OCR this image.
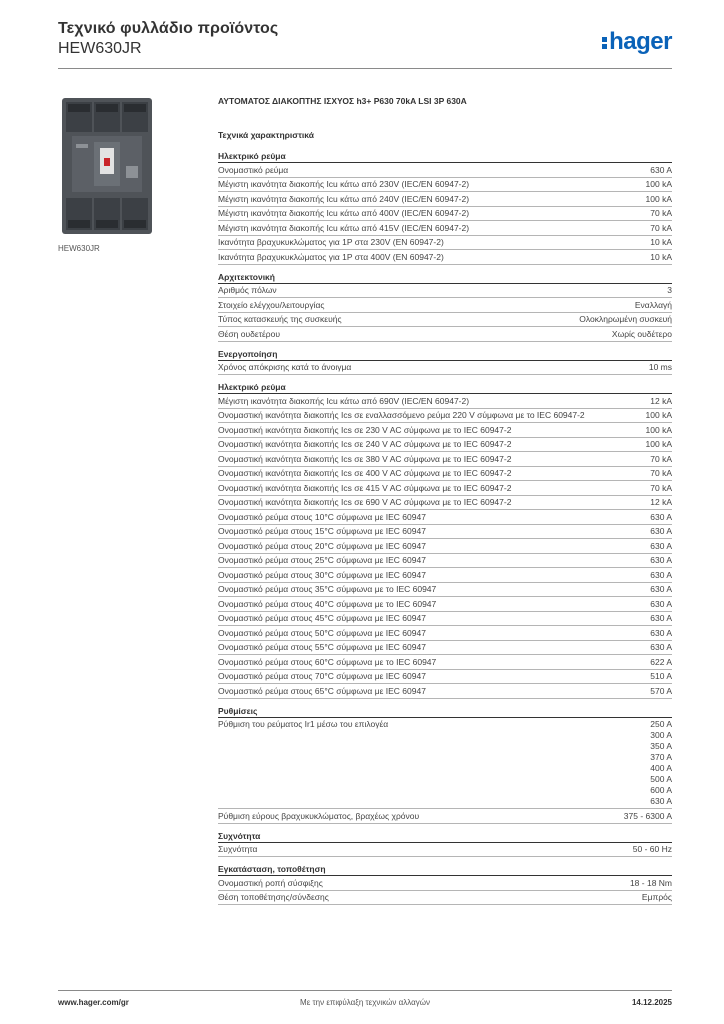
Τεχνικό φυλλάδιο προϊόντος
HEW630JR	hager
HEW630JR
ΑΥΤΟΜΑΤΟΣ ΔΙΑΚΟΠΤΗΣ ΙΣΧΥΟΣ h3+ P630 70kA LSI 3P 630A
Τεχνικά χαρακτηριστικά
Ηλεκτρικό ρεύμα
Ονομαστικό ρεύμα	630 A
Μέγιστη ικανότητα διακοπής Icu κάτω από 230V (IEC/EN 60947-2)	100 kA
Μέγιστη ικανότητα διακοπής Icu κάτω από 240V (IEC/EN 60947-2)	100 kA
Μέγιστη ικανότητα διακοπής Icu κάτω από 400V (IEC/EN 60947-2)	70 kA
Μέγιστη ικανότητα διακοπής Icu κάτω από 415V (IEC/EN 60947-2)	70 kA
Ικανότητα βραχυκυκλώματος για 1P στα 230V (EN 60947-2)	10 kA
Ικανότητα βραχυκυκλώματος για 1P στα 400V (EN 60947-2)	10 kA
Αρχιτεκτονική
Αριθμός πόλων	3
Στοιχείο ελέγχου/λειτουργίας	Εναλλαγή
Τύπος κατασκευής της συσκευής	Ολοκληρωμένη συσκευή
Θέση ουδετέρου	Χωρίς ουδέτερο
Ενεργοποίηση
Χρόνος απόκρισης κατά το άνοιγμα	10 ms
Ηλεκτρικό ρεύμα
Μέγιστη ικανότητα διακοπής Icu κάτω από 690V (IEC/EN 60947-2)	12 kA
Ονομαστική ικανότητα διακοπής Ics σε εναλλασσόμενο ρεύμα 220 V σύμφωνα με το IEC 60947-2	100 kA
Ονομαστική ικανότητα διακοπής Ics σε 230 V AC σύμφωνα με το IEC 60947-2	100 kA
Ονομαστική ικανότητα διακοπής Ics σε 240 V AC σύμφωνα με το IEC 60947-2	100 kA
Ονομαστική ικανότητα διακοπής Ics σε 380 V AC σύμφωνα με το IEC 60947-2	70 kA
Ονομαστική ικανότητα διακοπής Ics σε 400 V AC σύμφωνα με το IEC 60947-2	70 kA
Ονομαστική ικανότητα διακοπής Ics σε 415 V AC σύμφωνα με το IEC 60947-2	70 kA
Ονομαστική ικανότητα διακοπής Ics σε 690 V AC σύμφωνα με το IEC 60947-2	12 kA
Ονομαστικό ρεύμα στους 10°C σύμφωνα με IEC 60947	630 A
Ονομαστικό ρεύμα στους 15°C σύμφωνα με IEC 60947	630 A
Ονομαστικό ρεύμα στους 20°C σύμφωνα με IEC 60947	630 A
Ονομαστικό ρεύμα στους 25°C σύμφωνα με IEC 60947	630 A
Ονομαστικό ρεύμα στους 30°C σύμφωνα με IEC 60947	630 A
Ονομαστικό ρεύμα στους 35°C σύμφωνα με το IEC 60947	630 A
Ονομαστικό ρεύμα στους 40°C σύμφωνα με το IEC 60947	630 A
Ονομαστικό ρεύμα στους 45°C σύμφωνα με IEC 60947	630 A
Ονομαστικό ρεύμα στους 50°C σύμφωνα με IEC 60947	630 A
Ονομαστικό ρεύμα στους 55°C σύμφωνα με IEC 60947	630 A
Ονομαστικό ρεύμα στους 60°C σύμφωνα με το IEC 60947	622 A
Ονομαστικό ρεύμα στους 70°C σύμφωνα με IEC 60947	510 A
Ονομαστικό ρεύμα στους 65°C σύμφωνα με IEC 60947	570 A
Ρυθμίσεις
Ρύθμιση του ρεύματος Ir1 μέσω του επιλογέα	250 A
300 A
350 A
370 A
400 A
500 A
600 A
630 A
Ρύθμιση εύρους βραχυκυκλώματος, βραχέως χρόνου	375 - 6300 A
Συχνότητα
Συχνότητα	50 - 60 Hz
Εγκατάσταση, τοποθέτηση
Ονομαστική ροπή σύσφιξης	18 - 18 Nm
Θέση τοποθέτησης/σύνδεσης	Εμπρός
www.hager.com/gr	Με την επιφύλαξη τεχνικών αλλαγών	14.12.2025
